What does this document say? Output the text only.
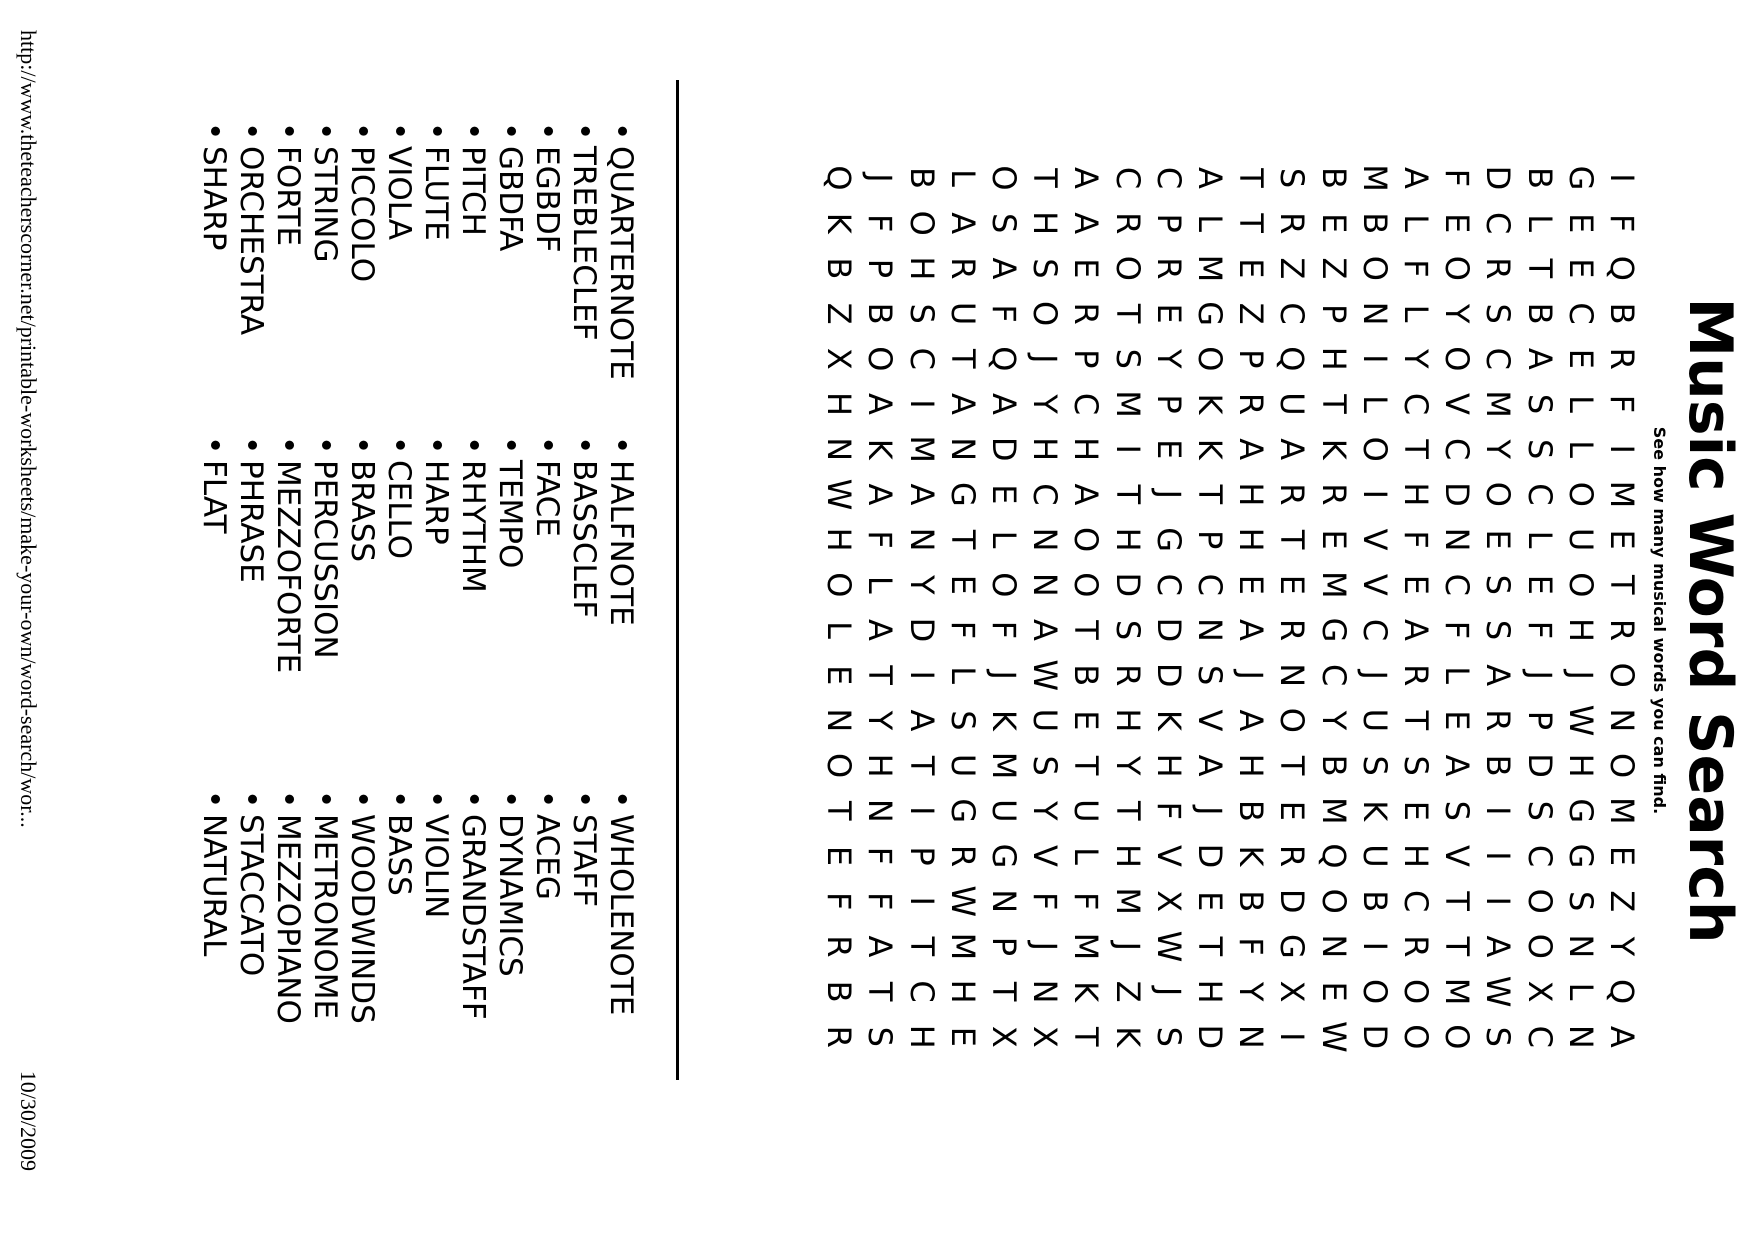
Music Word Search
See how many musical words you can find.
I
F
Q
B
R
F
I
M
E
T
R
O
N
O
M
E
Z
Y
Q
A
G
E
E
C
E
L
L
O
U
O
H
J
W
H
G
G
S
N
L
N
B
L
T
B
A
S
S
C
L
E
F
J
P
D
S
C
O
O
X
C
D
C
R
S
C
M
Y
O
E
S
S
A
R
B
I
I
I
A
W
S
F
E
O
Y
O
V
C
D
N
C
F
L
E
A
S
V
T
T
M
O
A
L
F
L
Y
C
T
H
F
E
A
R
T
S
E
H
C
R
O
O
M
B
O
N
I
L
O
I
V
V
C
J
U
S
K
U
B
I
O
D
B
E
Z
P
H
T
K
R
E
M
G
C
Y
B
M
Q
O
N
E
W
S
R
Z
C
Q
U
A
R
T
E
R
N
O
T
E
R
D
G
X
I
T
T
E
Z
P
R
A
H
H
E
A
J
A
H
B
K
B
F
Y
N
A
L
M
G
O
K
K
T
P
C
N
S
V
A
J
D
E
T
H
D
C
P
R
E
Y
P
E
J
G
C
D
D
K
H
F
V
X
W
J
S
C
R
O
T
S
M
I
T
H
D
S
R
H
Y
T
H
M
J
Z
K
A
A
E
R
P
C
H
A
O
O
T
B
E
T
U
L
F
M
K
T
T
H
S
O
J
Y
H
C
N
N
A
W
U
S
Y
V
F
J
N
X
O
S
A
F
Q
A
D
E
L
O
F
J
K
M
U
G
N
P
T
X
L
A
R
U
T
A
N
G
T
E
F
L
S
U
G
R
W
M
H
E
B
O
H
S
C
I
M
A
N
Y
D
I
A
T
I
P
I
T
C
H
J
F
P
B
O
A
K
A
F
L
A
T
Y
H
N
F
F
A
T
S
Q
K
B
Z
X
H
N
W
H
O
L
E
N
O
T
E
F
R
B
R
• QUARTERNOTE
• HALFNOTE
• WHOLENOTE
• TREBLECLEF
• BASSCLEF
• STAFF
• EGBDF
• FACE
• ACEG
• GBDFA
• TEMPO
• DYNAMICS
• PITCH
• RHYTHM
• GRANDSTAFF
• FLUTE
• HARP
• VIOLIN
• VIOLA
• CELLO
• BASS
• PICCOLO
• BRASS
• WOODWINDS
• STRING
• PERCUSSION
• METRONOME
• FORTE
• MEZZOFORTE
• MEZZOPIANO
• ORCHESTRA
• PHRASE
• STACCATO
• SHARP
• FLAT
• NATURAL
http://www.theteacherscorner.net/printable-worksheets/make-your-own/word-search/wor...
10/30/2009
